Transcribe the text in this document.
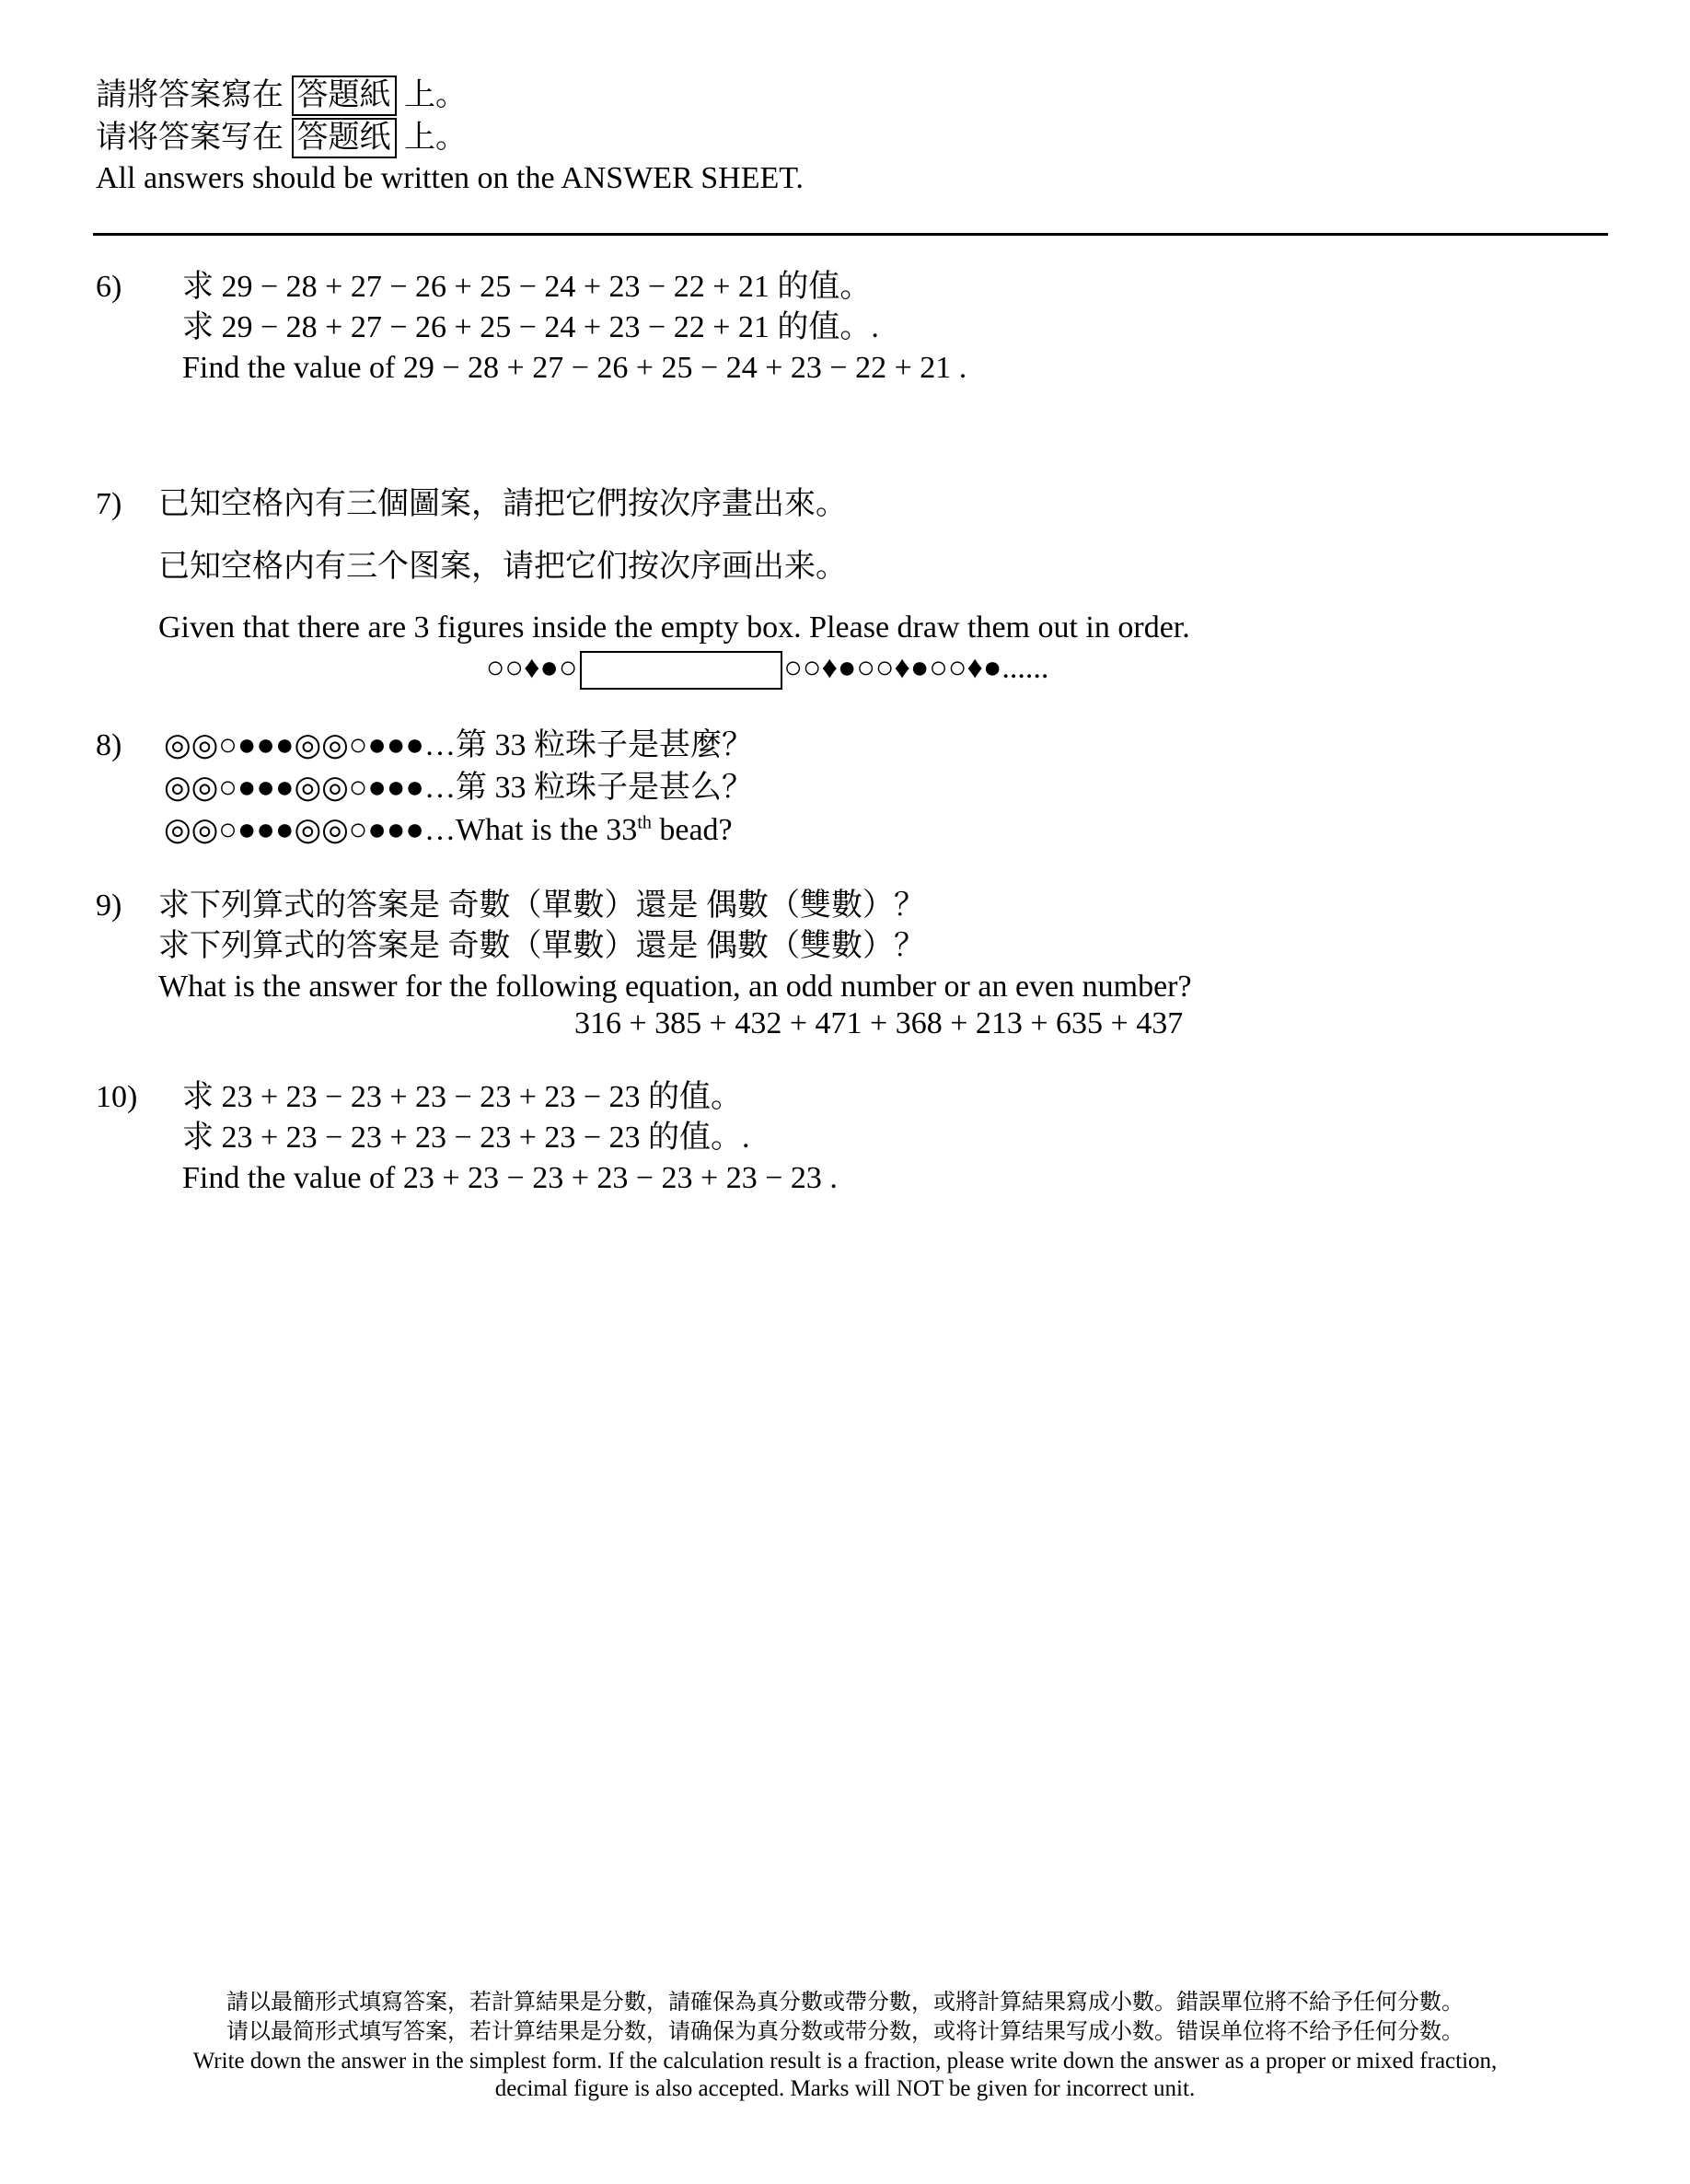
請將答案寫在 答題紙 上。
请将答案写在 答题纸 上。
All answers should be written on the ANSWER SHEET.
6) 求 29 − 28 + 27 − 26 + 25 − 24 + 23 − 22 + 21 的值。
求 29 − 28 + 27 − 26 + 25 − 24 + 23 − 22 + 21 的值。.
Find the value of 29 − 28 + 27 − 26 + 25 − 24 + 23 − 22 + 21 .
7) 已知空格內有三個圖案，請把它們按次序畫出來。
已知空格内有三个图案，请把它们按次序画出来。
Given that there are 3 figures inside the empty box. Please draw them out in order.
○○♦●○	○○♦●○○♦●○○♦●......
8) ◎◎○●●●◎◎○●●●…第 33 粒珠子是甚麼？
◎◎○●●●◎◎○●●●…第 33 粒珠子是甚么？
◎◎○●●●◎◎○●●●…What is the 33th bead?
9) 求下列算式的答案是 奇數（單數）還是 偶數（雙數）？
求下列算式的答案是 奇數（單數）還是 偶數（雙數）？
What is the answer for the following equation, an odd number or an even number?
316 + 385 + 432 + 471 + 368 + 213 + 635 + 437
10) 求 23 + 23 − 23 + 23 − 23 + 23 − 23 的值。
求 23 + 23 − 23 + 23 − 23 + 23 − 23 的值。.
Find the value of 23 + 23 − 23 + 23 − 23 + 23 − 23 .
請以最簡形式填寫答案，若計算結果是分數，請確保為真分數或帶分數，或將計算結果寫成小數。錯誤單位將不給予任何分數。
请以最简形式填写答案，若计算结果是分数，请确保为真分数或带分数，或将计算结果写成小数。错误单位将不给予任何分数。
Write down the answer in the simplest form. If the calculation result is a fraction, please write down the answer as a proper or mixed fraction,
decimal figure is also accepted. Marks will NOT be given for incorrect unit.
